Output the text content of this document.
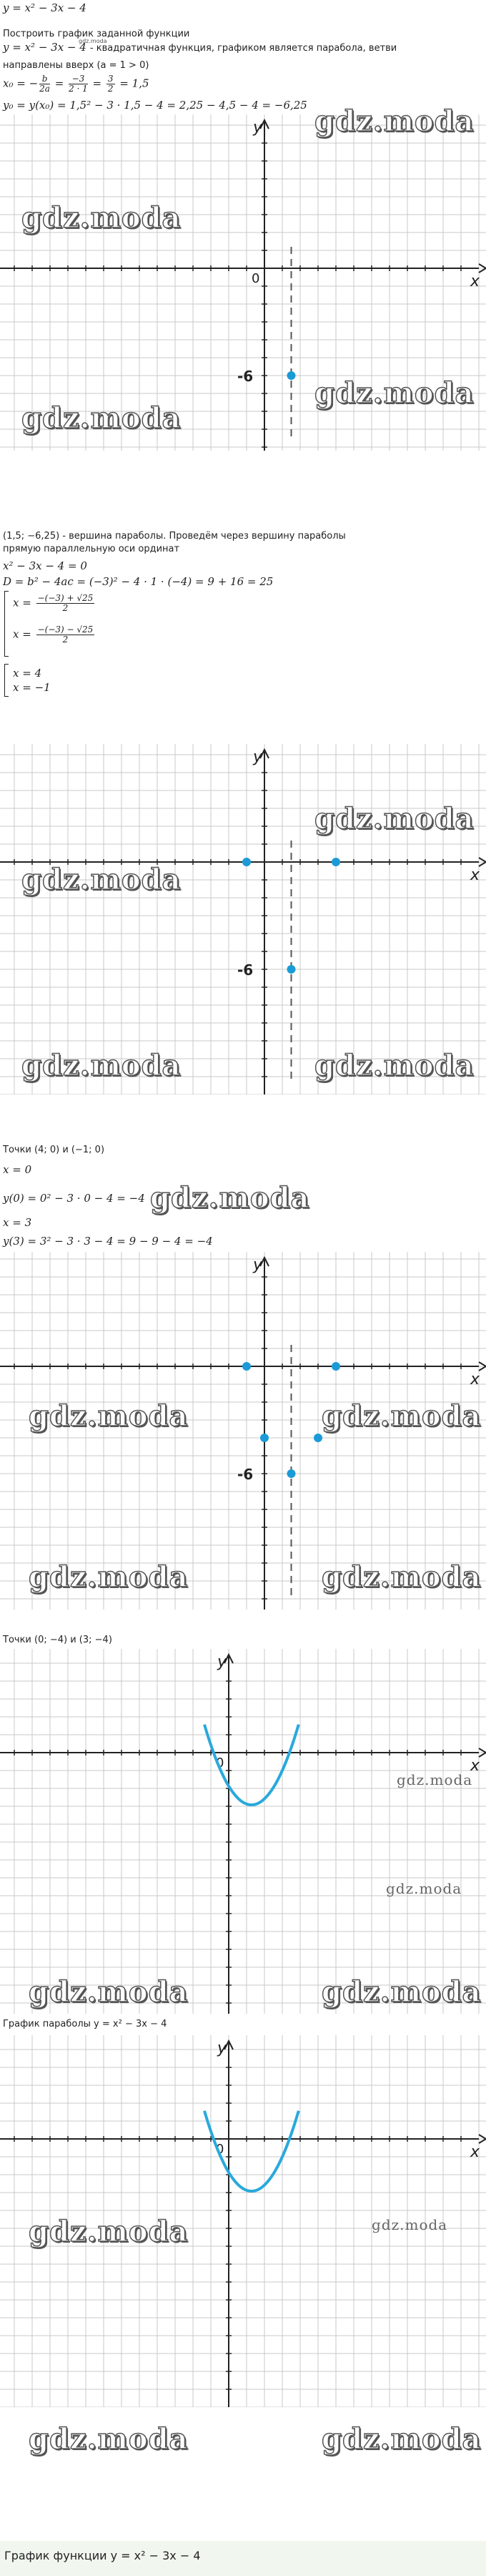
y = x² − 3x − 4
Построить график заданной функции
y = x² − 3x − 4 - квадратичная функция, графиком является парабола, ветви
gdz.moda
направлены вверх (a = 1 > 0)
x₀ = − $\frac{b}{2a} = \frac{-3}{2 \cdot 1} = \frac{3}{2} = 1,5$
y₀ = y(x₀) = 1,5² − 3 · 1,5 − 4 = 2,25 − 4,5 − 4 = −6,25
x
y
0
-6
gdz.moda
gdz.moda
gdz.moda
gdz.moda
(1,5; −6,25) - вершина параболы. Проведём через вершину параболы
прямую параллельную оси ординат
x² − 3x − 4 = 0
D = b² − 4ac = (−3)² − 4 · 1 · (−4) = 9 + 16 = 25
$x = \frac{-(-3) + √25}{2}$
$x = \frac{-(-3) - √25}{2}$
x = 4
x = −1
x
y
-6
gdz.moda
gdz.moda
gdz.moda	gdz.moda
Точки (4; 0) и (−1; 0)
x = 0
y(0) = 0² − 3 · 0 − 4 = −4
x = 3
y(3) = 3² − 3 · 3 − 4 = 9 − 9 − 4 = −4
x
y
-6
gdz.moda
gdz.moda	gdz.moda
gdz.moda	gdz.moda
Точки (0; −4) и (3; −4)
x
y
0
gdz.moda
gdz.moda
gdz.moda	gdz.moda
График параболы y = x² − 3x − 4
x
y
0
gdz.moda	gdz.moda
gdz.moda	gdz.moda
График функции y = x² − 3x − 4
